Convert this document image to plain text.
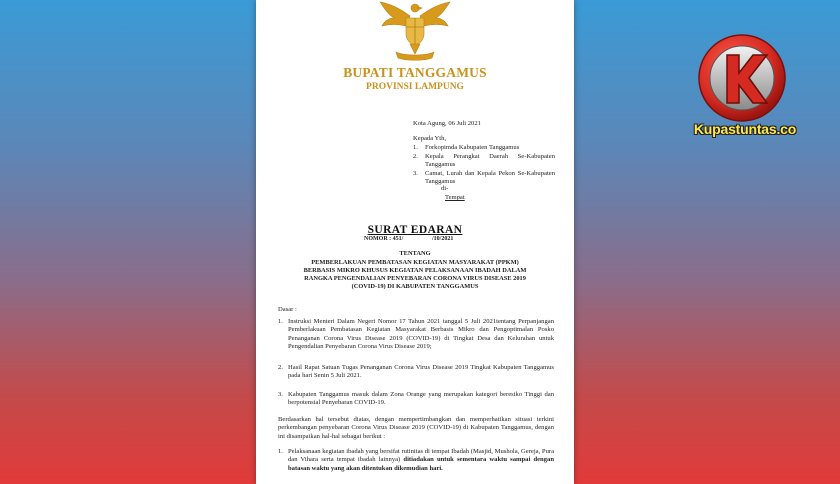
BUPATI TANGGAMUS
PROVINSI LAMPUNG
Kota Agung, 06 Juli 2021
Kepada Yth,
1. Forkopimda Kabupaten Tanggamus
2. Kepala Perangkat Daerah Se-Kabupaten Tanggamus
3. Camat, Lurah dan Kepala Pekon Se-Kabupaten Tanggamus
di-
Tempat
SURAT EDARAN
NOMOR : 451/	/10/2021
TENTANG
PEMBERLAKUAN PEMBATASAN KEGIATAN MASYARAKAT (PPKM)
BERBASIS MIKRO KHUSUS KEGIATAN PELAKSANAAN IBADAH DALAM
RANGKA PENGENDALIAN PENYEBARAN CORONA VIRUS DISEASE 2019
(COVID-19) DI KABUPATEN TANGGAMUS
Dasar :
1. Instruksi Menteri Dalam Negeri Nomor 17 Tahun 2021 tanggal 5 Juli 2021tentang Perpanjangan Pemberlakuan Pembatasan Kegiatan Masyarakat Berbasis Mikro dan Pengoptimalan Posko Penanganan Corona Virus Disease 2019 (COVID-19) di Tingkat Desa dan Kelurahan untuk Pengendalian Penyebaran Corona Virus Disease 2019;
2. Hasil Rapat Satuan Tugas Penanganan Corona Virus Disease 2019 Tingkat Kabupaten Tanggamus pada hari Senin 5 Juli 2021.
3. Kabupaten Tanggamus masuk dalam Zona Orange yang merupakan kategori beresiko Tinggi dan berpotensial Penyebaran COVID-19.
Berdasarkan hal tersebut diatas, dengan mempertimbangkan dan memperhatikan situasi terkini perkembangan penyebaran Corona Virus Disease 2019 (COVID-19) di Kabupaten Tanggamus, dengan ini disampaikan hal-hal sebagai berikut :
1. Pelaksanaan kegiatan ibadah yang bersifat rutinitas di tempat Ibadah (Masjid, Mushola, Gereja, Pura dan Vihara serta tempat ibadah lainnya) ditiadakan untuk sementara waktu sampai dengan batasan waktu yang akan ditentukan dikemudian hari.
Kupastuntas.co
